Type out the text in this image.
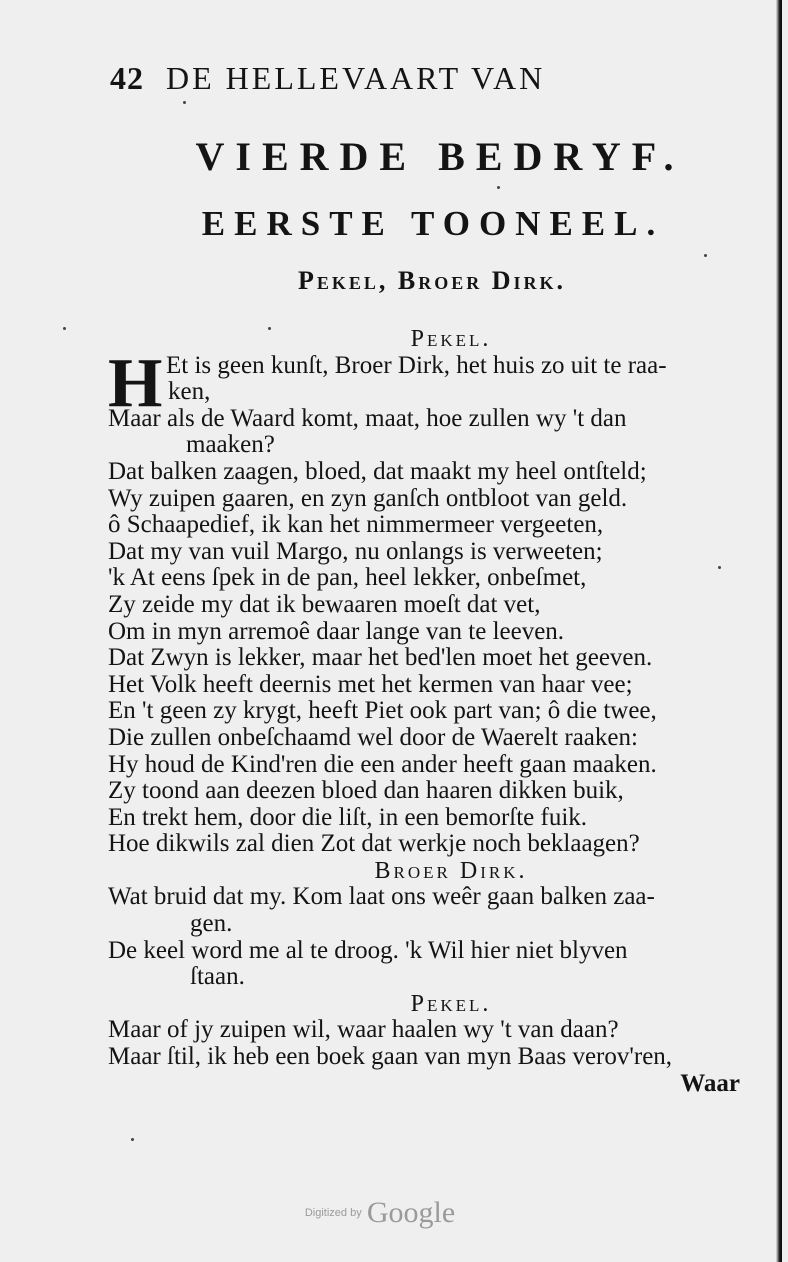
42 DE HELLEVAART VAN
VIERDE BEDRYF.
EERSTE TOONEEL.
Pekel, Broer Dirk.
Pekel.
H Et is geen kunſt, Broer Dirk, het huis zo uit te raa-
ken,
Maar als de Waard komt, maat, hoe zullen wy 't dan
maaken?
Dat balken zaagen, bloed, dat maakt my heel ontſteld;
Wy zuipen gaaren, en zyn ganſch ontbloot van geld.
ô Schaapedief, ik kan het nimmermeer vergeeten,
Dat my van vuil Margo, nu onlangs is verweeten;
'k At eens ſpek in de pan, heel lekker, onbeſmet,
Zy zeide my dat ik bewaaren moeſt dat vet,
Om in myn arremoê daar lange van te leeven.
Dat Zwyn is lekker, maar het bed'len moet het geeven.
Het Volk heeft deernis met het kermen van haar vee;
En 't geen zy krygt, heeft Piet ook part van; ô die twee,
Die zullen onbeſchaamd wel door de Waerelt raaken:
Hy houd de Kind'ren die een ander heeft gaan maaken.
Zy toond aan deezen bloed dan haaren dikken buik,
En trekt hem, door die liſt, in een bemorſte fuik.
Hoe dikwils zal dien Zot dat werkje noch beklaagen?
Broer Dirk.
Wat bruid dat my. Kom laat ons weêr gaan balken zaa-
gen.
De keel word me al te droog. 'k Wil hier niet blyven
ſtaan.
Pekel.
Maar of jy zuipen wil, waar haalen wy 't van daan?
Maar ſtil, ik heb een boek gaan van myn Baas verov'ren,
Waar
Digitized by Google
